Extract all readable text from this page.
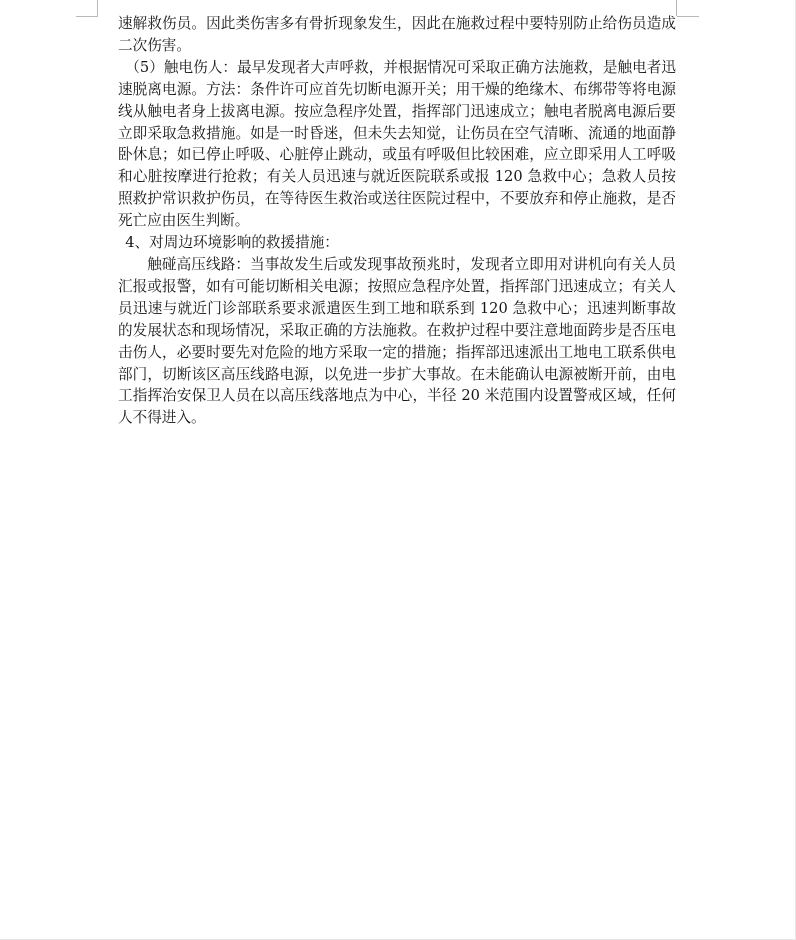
速解救伤员。因此类伤害多有骨折现象发生，因此在施救过程中要特别防止给伤员造成二次伤害。

（5）触电伤人：最早发现者大声呼救，并根据情况可采取正确方法施救，是触电者迅速脱离电源。方法：条件许可应首先切断电源开关；用干燥的绝缘木、布绑带等将电源线从触电者身上拔离电源。按应急程序处置，指挥部门迅速成立；触电者脱离电源后要立即采取急救措施。如是一时昏迷，但未失去知觉，让伤员在空气清晰、流通的地面静卧休息；如已停止呼吸、心脏停止跳动，或虽有呼吸但比较困难，应立即采用人工呼吸和心脏按摩进行抢救；有关人员迅速与就近医院联系或报 120 急救中心；急救人员按照救护常识救护伤员，在等待医生救治或送往医院过程中，不要放弃和停止施救，是否死亡应由医生判断。

4、对周边环境影响的救援措施：

触碰高压线路：当事故发生后或发现事故预兆时，发现者立即用对讲机向有关人员汇报或报警，如有可能切断相关电源；按照应急程序处置，指挥部门迅速成立；有关人员迅速与就近门诊部联系要求派遣医生到工地和联系到 120 急救中心；迅速判断事故的发展状态和现场情况，采取正确的方法施救。在救护过程中要注意地面跨步是否压电击伤人，必要时要先对危险的地方采取一定的措施；指挥部迅速派出工地电工联系供电部门，切断该区高压线路电源，以免进一步扩大事故。在未能确认电源被断开前，由电工指挥治安保卫人员在以高压线落地点为中心，半径 20 米范围内设置警戒区域，任何人不得进入。
